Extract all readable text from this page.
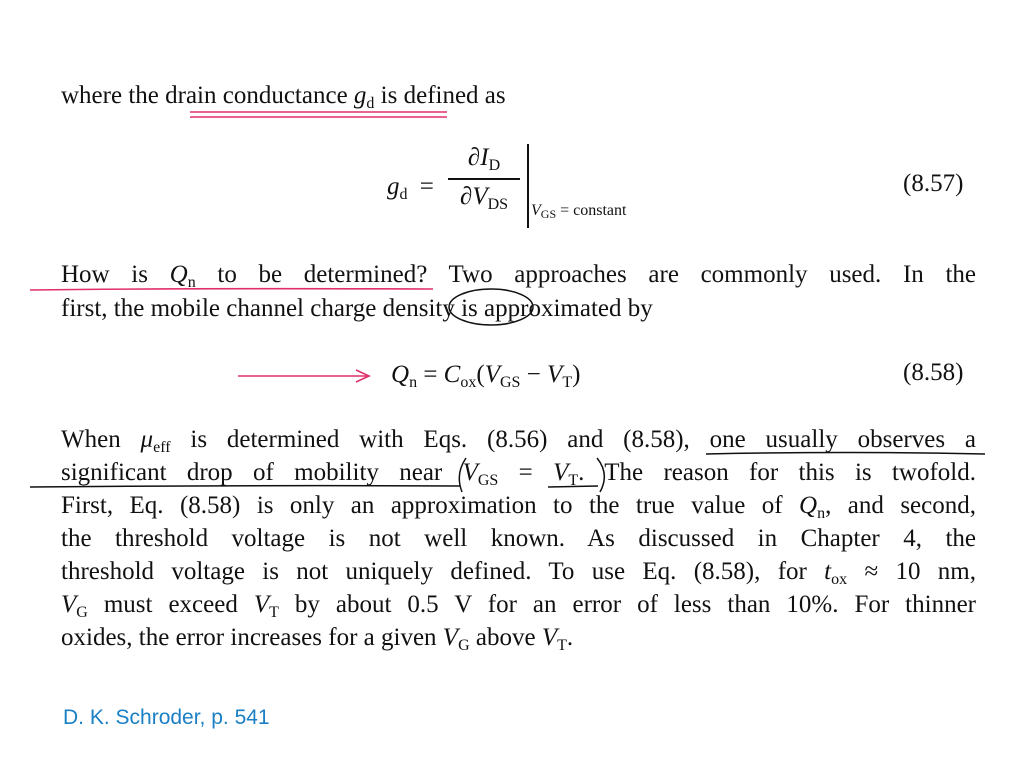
where the drain conductance $g_d$ is defined as
$g_d$ =
$\partial I_D$
$\partial V_{DS}$	VGS = constant
(8.57)
How is $Q_n$ to be determined? Two approaches are commonly used. In the
first, the mobile channel charge density is approximated by
$Q_n = C_{ox}(V_{GS} - V_T)$	(8.58)
When $\mu_{eff}$ is determined with Eqs. (8.56) and (8.58), one usually observes a
significant drop of mobility near $V_{GS} = V_T$. The reason for this is twofold.
First, Eq. (8.58) is only an approximation to the true value of $Q_n$, and second,
the threshold voltage is not well known. As discussed in Chapter 4, the
threshold voltage is not uniquely defined. To use Eq. (8.58), for $t_{ox} \approx 10$ nm,
$V_G$ must exceed $V_T$ by about 0.5 V for an error of less than 10%. For thinner
oxides, the error increases for a given $V_G$ above $V_T$.
D. K. Schroder, p. 541
